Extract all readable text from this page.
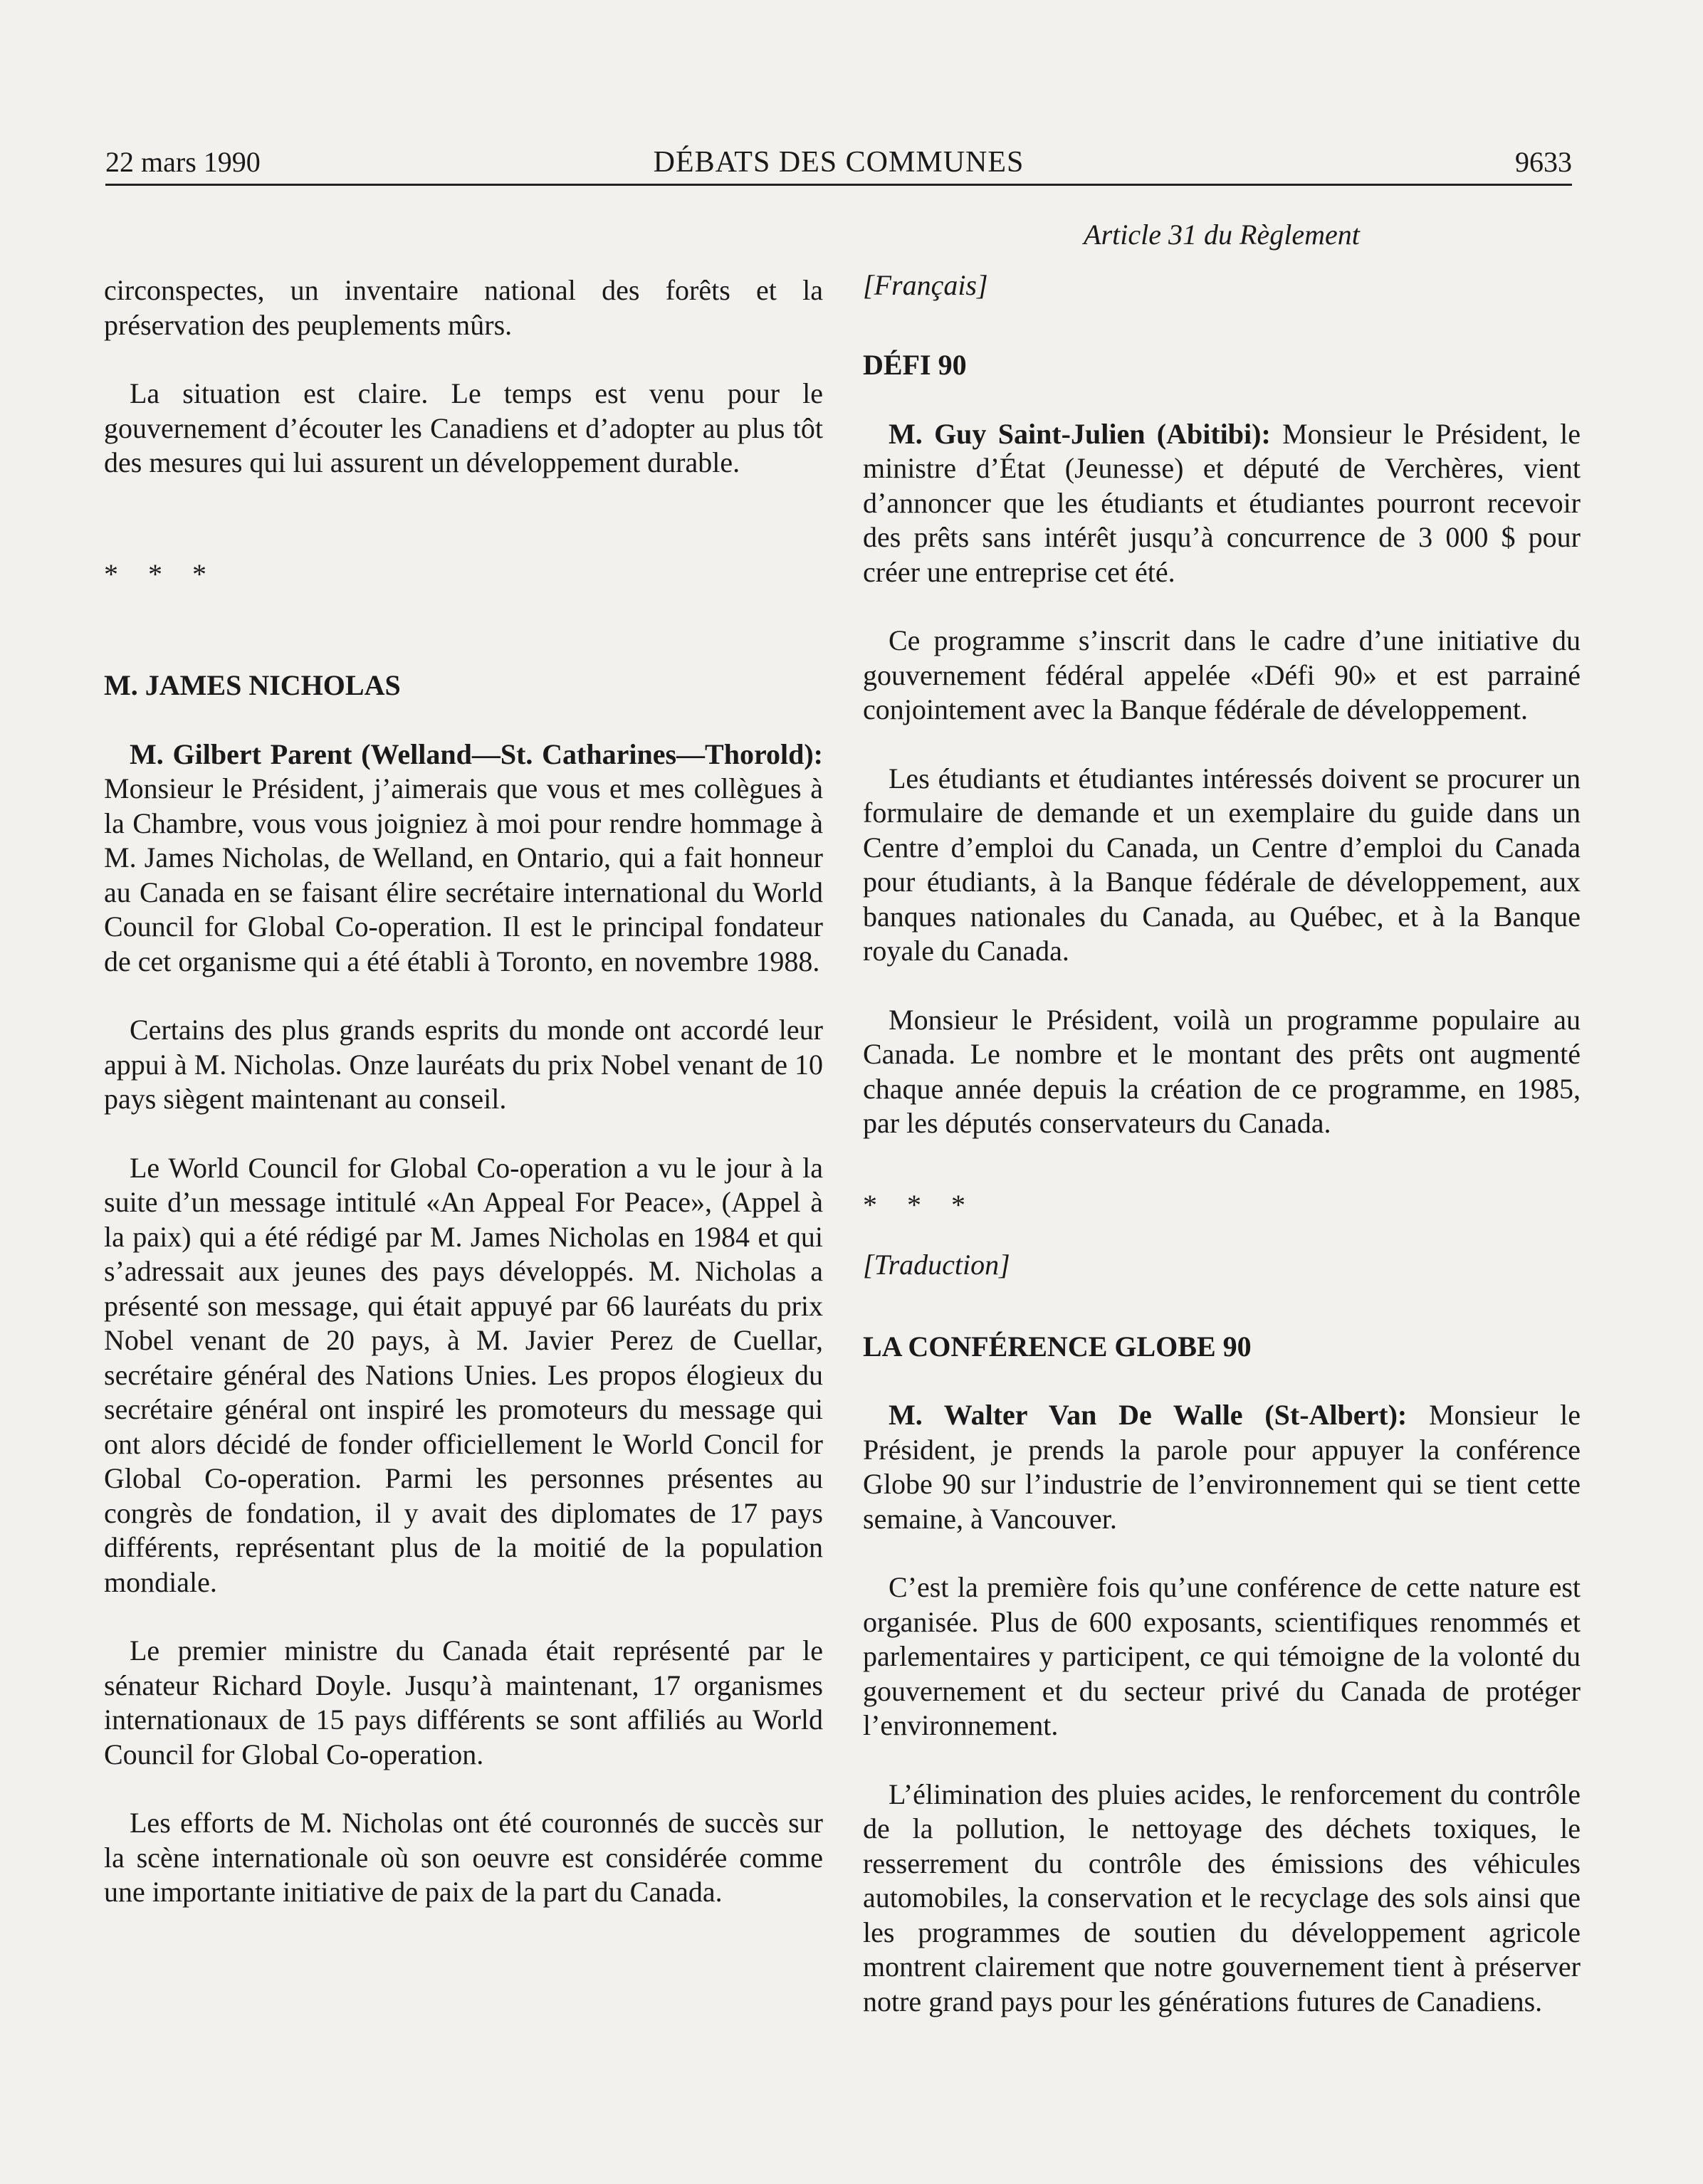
22 mars 1990	DÉBATS DES COMMUNES	9633

circonspectes, un inventaire national des forêts et la préservation des peuplements mûrs.

La situation est claire. Le temps est venu pour le gouvernement d’écouter les Canadiens et d’adopter au plus tôt des mesures qui lui assurent un développement durable.

* * *

M. JAMES NICHOLAS

M. Gilbert Parent (Welland—St. Catharines—Thorold): Monsieur le Président, j’aimerais que vous et mes collègues à la Chambre, vous vous joigniez à moi pour rendre hommage à M. James Nicholas, de Welland, en Ontario, qui a fait honneur au Canada en se faisant élire secrétaire international du World Council for Global Co-operation. Il est le principal fondateur de cet organisme qui a été établi à Toronto, en novembre 1988.

Certains des plus grands esprits du monde ont accordé leur appui à M. Nicholas. Onze lauréats du prix Nobel venant de 10 pays siègent maintenant au conseil.

Le World Council for Global Co-operation a vu le jour à la suite d’un message intitulé «An Appeal For Peace», (Appel à la paix) qui a été rédigé par M. James Nicholas en 1984 et qui s’adressait aux jeunes des pays développés. M. Nicholas a présenté son message, qui était appuyé par 66 lauréats du prix Nobel venant de 20 pays, à M. Javier Perez de Cuellar, secrétaire général des Nations Unies. Les propos élogieux du secrétaire général ont inspiré les promoteurs du message qui ont alors décidé de fonder officiellement le World Concil for Global Co-operation. Parmi les personnes présentes au congrès de fondation, il y avait des diplomates de 17 pays différents, représentant plus de la moitié de la population mondiale.

Le premier ministre du Canada était représenté par le sénateur Richard Doyle. Jusqu’à maintenant, 17 organismes internationaux de 15 pays différents se sont affiliés au World Council for Global Co-operation.

Les efforts de M. Nicholas ont été couronnés de succès sur la scène internationale où son oeuvre est considérée comme une importante initiative de paix de la part du Canada.

Article 31 du Règlement

[Français]

DÉFI 90

M. Guy Saint-Julien (Abitibi): Monsieur le Président, le ministre d’État (Jeunesse) et député de Verchères, vient d’annoncer que les étudiants et étudiantes pourront recevoir des prêts sans intérêt jusqu’à concurrence de 3 000 $ pour créer une entreprise cet été.

Ce programme s’inscrit dans le cadre d’une initiative du gouvernement fédéral appelée «Défi 90» et est parrainé conjointement avec la Banque fédérale de développement.

Les étudiants et étudiantes intéressés doivent se procurer un formulaire de demande et un exemplaire du guide dans un Centre d’emploi du Canada, un Centre d’emploi du Canada pour étudiants, à la Banque fédérale de développement, aux banques nationales du Canada, au Québec, et à la Banque royale du Canada.

Monsieur le Président, voilà un programme populaire au Canada. Le nombre et le montant des prêts ont augmenté chaque année depuis la création de ce programme, en 1985, par les députés conservateurs du Canada.

* * *

[Traduction]

LA CONFÉRENCE GLOBE 90

M. Walter Van De Walle (St-Albert): Monsieur le Président, je prends la parole pour appuyer la conférence Globe 90 sur l’industrie de l’environnement qui se tient cette semaine, à Vancouver.

C’est la première fois qu’une conférence de cette nature est organisée. Plus de 600 exposants, scientifiques renommés et parlementaires y participent, ce qui témoigne de la volonté du gouvernement et du secteur privé du Canada de protéger l’environnement.

L’élimination des pluies acides, le renforcement du contrôle de la pollution, le nettoyage des déchets toxiques, le resserrement du contrôle des émissions des véhicules automobiles, la conservation et le recyclage des sols ainsi que les programmes de soutien du développement agricole montrent clairement que notre gouvernement tient à préserver notre grand pays pour les générations futures de Canadiens.
